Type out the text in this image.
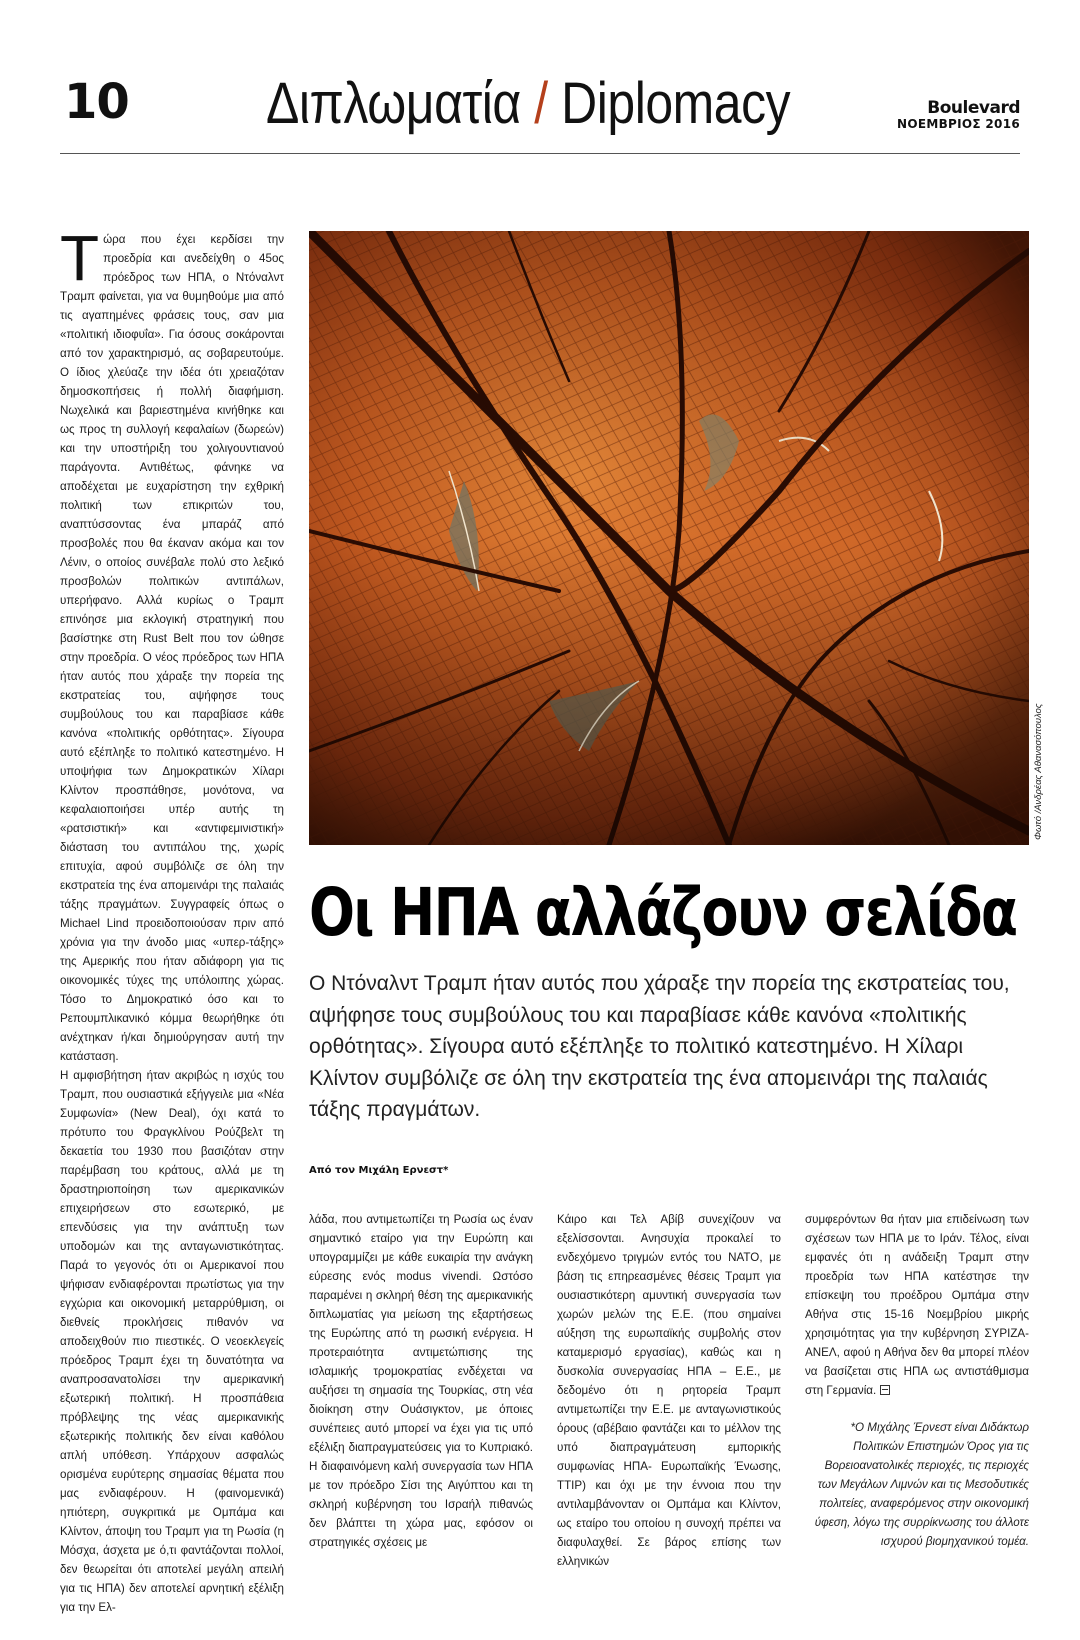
10 Διπλωματία / Diplomacy	Boulevard
ΝΟΕΜΒΡΙΟΣ 2016

Τώρα που έχει κερδίσει την προεδρία και ανεδείχθη ο 45ος πρόεδρος των ΗΠΑ, ο Ντόναλντ Τραμπ φαίνεται, για να θυμηθούμε μια από τις αγαπημένες φράσεις τους, σαν μια «πολιτική ιδιοφυΐα». Για όσους σοκάρονται από τον χαρακτηρισμό, ας σοβαρευτούμε. Ο ίδιος χλεύαζε την ιδέα ότι χρειαζόταν δημοσκοπήσεις ή πολλή διαφήμιση. Νωχελικά και βαριεστημένα κινήθηκε και ως προς τη συλλογή κεφαλαίων (δωρεών) και την υποστήριξη του χολιγουντιανού παράγοντα. Αντιθέτως, φάνηκε να αποδέχεται με ευχαρίστηση την εχθρική πολιτική των επικριτών του, αναπτύσσοντας ένα μπαράζ από προσβολές που θα έκαναν ακόμα και τον Λένιν, ο οποίος συνέβαλε πολύ στο λεξικό προσβολών πολιτικών αντιπάλων, υπερήφανο. Αλλά κυρίως ο Τραμπ επινόησε μια εκλογική στρατηγική που βασίστηκε στη Rust Belt που τον ώθησε στην προεδρία. Ο νέος πρόεδρος των ΗΠΑ ήταν αυτός που χάραξε την πορεία της εκστρατείας του, αψήφησε τους συμβούλους του και παραβίασε κάθε κανόνα «πολιτικής ορθότητας». Σίγουρα αυτό εξέπληξε το πολιτικό κατεστημένο. Η υποψήφια των Δημοκρατικών Χίλαρι Κλίντον προσπάθησε, μονότονα, να κεφαλαιοποιήσει υπέρ αυτής τη «ρατσιστική» και «αντιφεμινιστική» διάσταση του αντιπάλου της, χωρίς επιτυχία, αφού συμβόλιζε σε όλη την εκστρατεία της ένα απομεινάρι της παλαιάς τάξης πραγμάτων. Συγγραφείς όπως ο Michael Lind προειδοποιούσαν πριν από χρόνια για την άνοδο μιας «υπερ-τάξης» της Αμερικής που ήταν αδιάφορη για τις οικονομικές τύχες της υπόλοιπης χώρας. Τόσο το Δημοκρατικό όσο και το Ρεπουμπλικανικό κόμμα θεωρήθηκε ότι ανέχτηκαν ή/και δημιούργησαν αυτή την κατάσταση.

Η αμφισβήτηση ήταν ακριβώς η ισχύς του Τραμπ, που ουσιαστικά εξήγγειλε μια «Νέα Συμφωνία» (New Deal), όχι κατά το πρότυπο του Φραγκλίνου Ρούζβελτ τη δεκαετία του 1930 που βασιζόταν στην παρέμβαση του κράτους, αλλά με τη δραστηριοποίηση των αμερικανικών επιχειρήσεων στο εσωτερικό, με επενδύσεις για την ανάπτυξη των υποδομών και της ανταγωνιστικότητας. Παρά το γεγονός ότι οι Αμερικανοί που ψήφισαν ενδιαφέρονται πρωτίστως για την εγχώρια και οικονομική μεταρρύθμιση, οι διεθνείς προκλήσεις πιθανόν να αποδειχθούν πιο πιεστικές. Ο νεοεκλεγείς πρόεδρος Τραμπ έχει τη δυνατότητα να αναπροσανατολίσει την αμερικανική εξωτερική πολιτική. Η προσπάθεια πρόβλεψης της νέας αμερικανικής εξωτερικής πολιτικής δεν είναι καθόλου απλή υπόθεση. Υπάρχουν ασφαλώς ορισμένα ευρύτερης σημασίας θέματα που μας ενδιαφέρουν. Η (φαινομενικά) ηπιότερη, συγκριτικά με Ομπάμα και Κλίντον, άποψη του Τραμπ για τη Ρωσία (η Μόσχα, άσχετα με ό,τι φαντάζονται πολλοί, δεν θεωρείται ότι αποτελεί μεγάλη απειλή για τις ΗΠΑ) δεν αποτελεί αρνητική εξέλιξη για την Ελ-

Φωτό /Ανδρέας Αθανασόπουλος
Οι ΗΠΑ αλλάζουν σελίδα
Ο Ντόναλντ Τραμπ ήταν αυτός που χάραξε την πορεία της εκστρατείας του, αψήφησε τους συμβούλους του και παραβίασε κάθε κανόνα «πολιτικής ορθότητας». Σίγουρα αυτό εξέπληξε το πολιτικό κατεστημένο. Η Χίλαρι Κλίντον συμβόλιζε σε όλη την εκστρατεία της ένα απομεινάρι της παλαιάς τάξης πραγμάτων.
Από τον Μιχάλη Ερνεστ*

λάδα, που αντιμετωπίζει τη Ρωσία ως έναν σημαντικό εταίρο για την Ευρώπη και υπογραμμίζει με κάθε ευκαιρία την ανάγκη εύρεσης ενός modus vivendi. Ωστόσο παραμένει η σκληρή θέση της αμερικανικής διπλωματίας για μείωση της εξαρτήσεως της Ευρώπης από τη ρωσική ενέργεια. Η προτεραιότητα αντιμετώπισης της ισλαμικής τρομοκρατίας ενδέχεται να αυξήσει τη σημασία της Τουρκίας, στη νέα διοίκηση στην Ουάσιγκτον, με όποιες συνέπειες αυτό μπορεί να έχει για τις υπό εξέλιξη διαπραγματεύσεις για το Κυπριακό. Η διαφαινόμενη καλή συνεργασία των ΗΠΑ με τον πρόεδρο Σίσι της Αιγύπτου και τη σκληρή κυβέρνηση του Ισραήλ πιθανώς δεν βλάπτει τη χώρα μας, εφόσον οι στρατηγικές σχέσεις με

Κάιρο και Τελ Αβίβ συνεχίζουν να εξελίσσονται. Ανησυχία προκαλεί το ενδεχόμενο τριγμών εντός του ΝΑΤΟ, με βάση τις επηρεασμένες θέσεις Τραμπ για ουσιαστικότερη αμυντική συνεργασία των χωρών μελών της Ε.Ε. (που σημαίνει αύξηση της ευρωπαϊκής συμβολής στον καταμερισμό εργασίας), καθώς και η δυσκολία συνεργασίας ΗΠΑ – Ε.Ε., με δεδομένο ότι η ρητορεία Τραμπ αντιμετωπίζει την Ε.Ε. με ανταγωνιστικούς όρους (αβέβαιο φαντάζει και το μέλλον της υπό διαπραγμάτευση εμπορικής συμφωνίας ΗΠΑ- Ευρωπαϊκής Ένωσης, TTIP) και όχι με την έννοια που την αντιλαμβάνονταν οι Ομπάμα και Κλίντον, ως εταίρο του οποίου η συνοχή πρέπει να διαφυλαχθεί. Σε βάρος επίσης των ελληνικών

συμφερόντων θα ήταν μια επιδείνωση των σχέσεων των ΗΠΑ με το Ιράν. Τέλος, είναι εμφανές ότι η ανάδειξη Τραμπ στην προεδρία των ΗΠΑ κατέστησε την επίσκεψη του προέδρου Ομπάμα στην Αθήνα στις 15-16 Νοεμβρίου μικρής χρησιμότητας για την κυβέρνηση ΣΥΡΙΖΑ-ΑΝΕΛ, αφού η Αθήνα δεν θα μπορεί πλέον να βασίζεται στις ΗΠΑ ως αντιστάθμισμα στη Γερμανία.

*Ο Μιχάλης Έρνεστ είναι Διδάκτωρ Πολιτικών Επιστημών Όρος για τις Βορειοανατολικές περιοχές, τις περιοχές των Μεγάλων Λιμνών και τις Μεσοδυτικές πολιτείες, αναφερόμενος στην οικονομική ύφεση, λόγω της συρρίκνωσης του άλλοτε ισχυρού βιομηχανικού τομέα.
